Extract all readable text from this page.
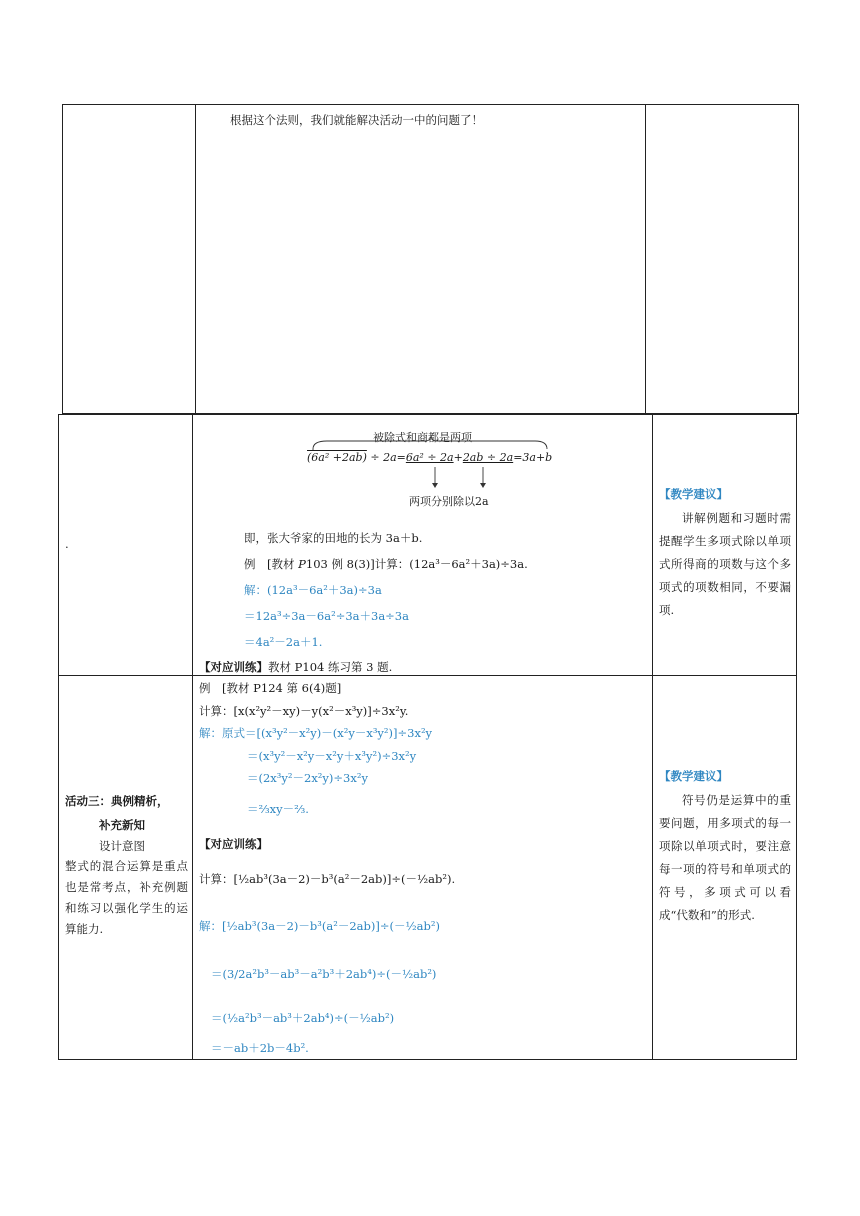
根据这个法则，我们就能解决活动一中的问题了！
.
被除式和商都是两项
(6a² +2ab) ÷ 2a=6a² ÷ 2a+2ab ÷ 2a=3a+b
两项分别除以2a
即，张大爷家的田地的长为 3a＋b.
例　[教材 P103 例 8(3)]计算：(12a³－6a²＋3a)÷3a.
解：(12a³－6a²＋3a)÷3a
＝12a³÷3a－6a²÷3a＋3a÷3a
＝4a²－2a＋1.
【对应训练】教材 P104 练习第 3 题.
【教学建议】
讲解例题和习题时需提醒学生多项式除以单项式所得商的项数与这个多项式的项数相同，不要漏项.
活动三：典例精析，
补充新知
设计意图
整式的混合运算是重点也是常考点，补充例题和练习以强化学生的运算能力.
例　[教材 P124 第 6(4)题]
计算：[x(x²y²－xy)－y(x²－x³y)]÷3x²y.
解：原式＝[(x³y²－x²y)－(x²y－x³y²)]÷3x²y
＝(x³y²－x²y－x²y＋x³y²)÷3x²y
＝(2x³y²－2x²y)÷3x²y
＝⅔xy－⅔.
【对应训练】
计算：[½ab³(3a－2)－b³(a²－2ab)]÷(－½ab²).
解：[½ab³(3a－2)－b³(a²－2ab)]÷(－½ab²)
＝(3/2a²b³－ab³－a²b³＋2ab⁴)÷(－½ab²)
＝(½a²b³－ab³＋2ab⁴)÷(－½ab²)
＝－ab＋2b－4b².
【教学建议】
符号仍是运算中的重要问题，用多项式的每一项除以单项式时，要注意每一项的符号和单项式的符号，多项式可以看成“代数和”的形式.
